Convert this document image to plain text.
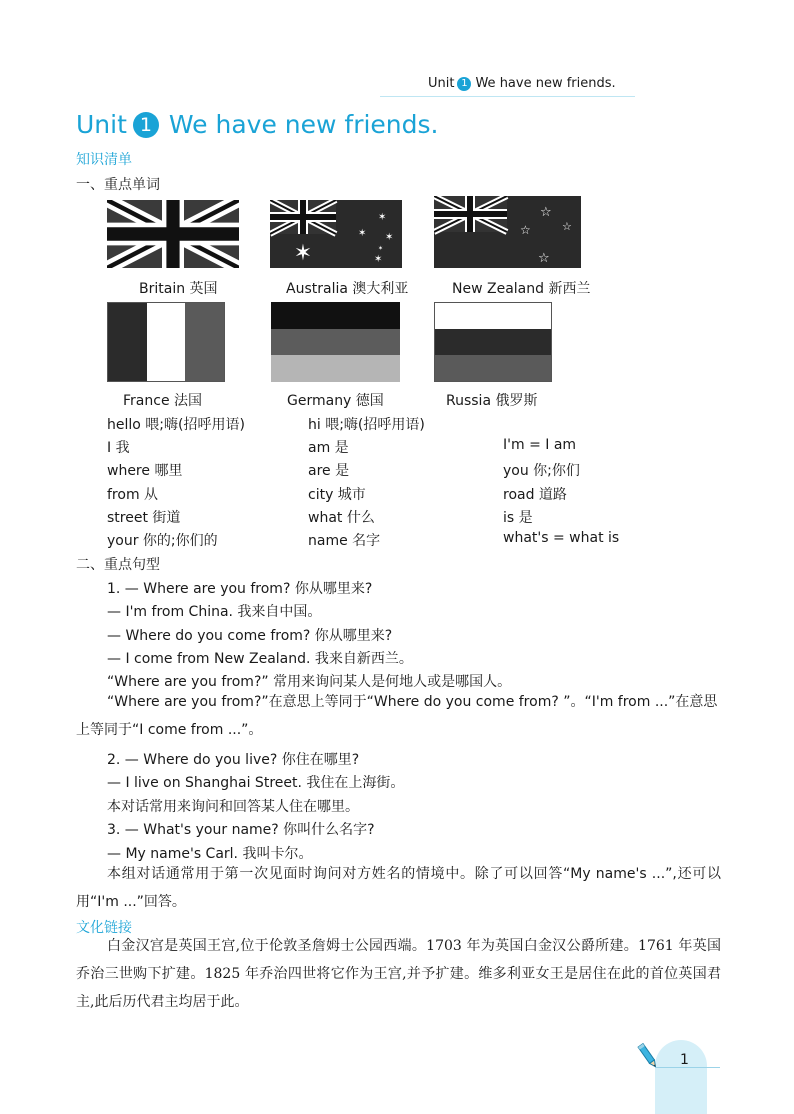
Unit 1 We have new friends.
Unit 1 We have new friends.
知识清单
一、重点单词
✶
✶
✶ ✶
✶
✶
☆
☆	☆
☆
Britain 英国	Australia 澳大利亚	New Zealand 新西兰
France 法国	Germany 德国	Russia 俄罗斯
hello 喂;嗨(招呼用语)	hi 喂;嗨(招呼用语)
I 我	am 是	I'm = I am
where 哪里	are 是	you 你;你们
from 从	city 城市	road 道路
street 街道	what 什么	is 是
your 你的;你们的	name 名字	what's = what is
二、重点句型
1. — Where are you from? 你从哪里来?
— I'm from China. 我来自中国。
— Where do you come from? 你从哪里来?
— I come from New Zealand. 我来自新西兰。
“Where are you from?” 常用来询问某人是何地人或是哪国人。
“Where are you from?”在意思上等同于“Where do you come from? ”。“I'm from ...”在意思上等同于“I come from ...”。
2. — Where do you live? 你住在哪里?
— I live on Shanghai Street. 我住在上海街。
本对话常用来询问和回答某人住在哪里。
3. — What's your name? 你叫什么名字?
— My name's Carl. 我叫卡尔。
本组对话通常用于第一次见面时询问对方姓名的情境中。除了可以回答“My name's ...”,还可以用“I'm ...”回答。
文化链接
白金汉宫是英国王宫,位于伦敦圣詹姆士公园西端。1703 年为英国白金汉公爵所建。1761 年英国乔治三世购下扩建。1825 年乔治四世将它作为王宫,并予扩建。维多利亚女王是居住在此的首位英国君主,此后历代君主均居于此。
1
